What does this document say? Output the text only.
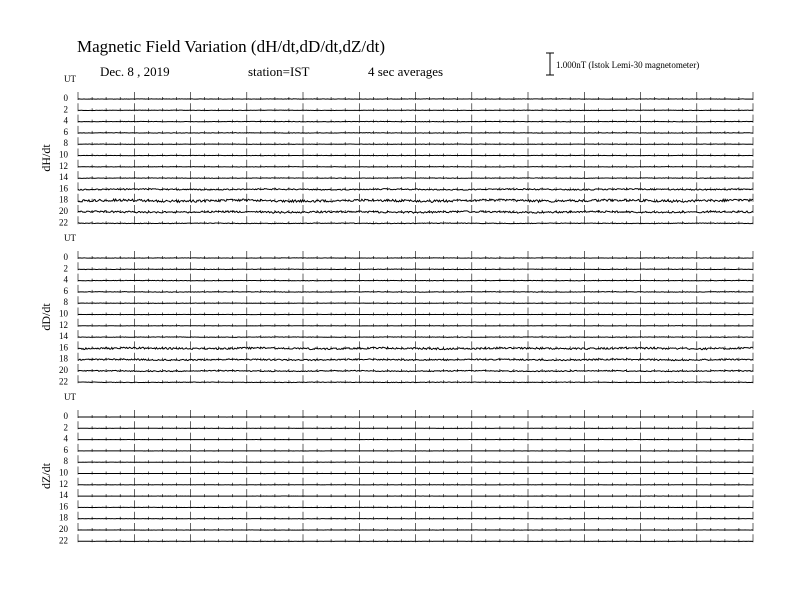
Magnetic Field Variation (dH/dt,dD/dt,dZ/dt)
Dec. 8 , 2019	station=IST	4 sec averages	1.000nT (Istok Lemi-30 magnetometer)
UT
dH/dt
0
2
4
6
8
10
12
14
16
18
20
22
UT
dD/dt
0
2
4
6
8
10
12
14
16
18
20
22
UT
dZ/dt
0
2
4
6
8
10
12
14
16
18
20
22
